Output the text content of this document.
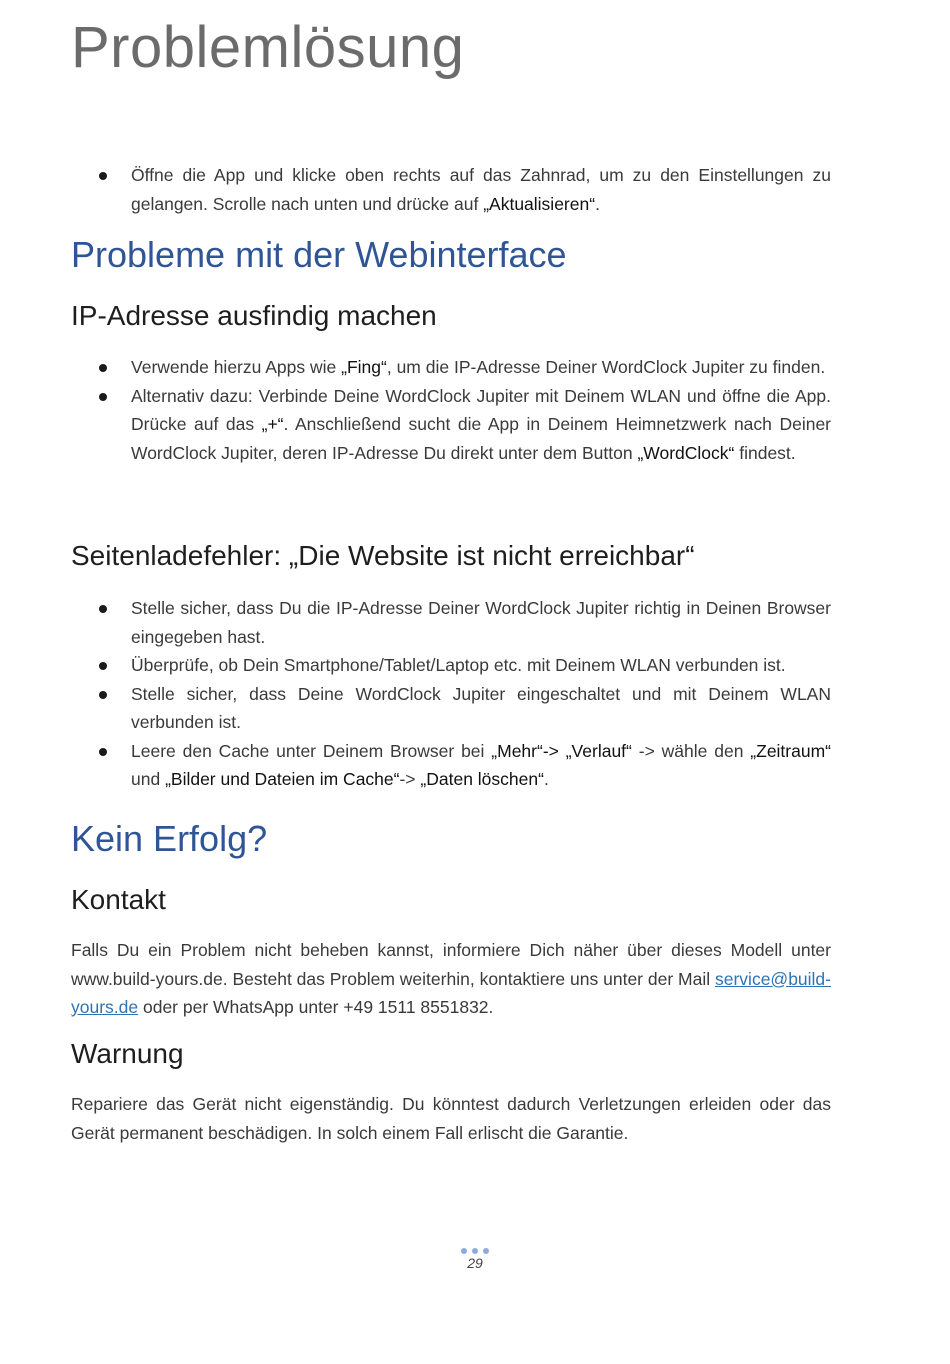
Problemlösung
Öffne die App und klicke oben rechts auf das Zahnrad, um zu den Einstellungen zu gelangen. Scrolle nach unten und drücke auf „Aktualisieren“.
Probleme mit der Webinterface
IP-Adresse ausfindig machen
Verwende hierzu Apps wie „Fing“, um die IP-Adresse Deiner WordClock Jupiter zu finden.
Alternativ dazu: Verbinde Deine WordClock Jupiter mit Deinem WLAN und öffne die App. Drücke auf das „+“. Anschließend sucht die App in Deinem Heimnetzwerk nach Deiner WordClock Jupiter, deren IP-Adresse Du direkt unter dem Button „WordClock“ findest.
Seitenladefehler: „Die Website ist nicht erreichbar“
Stelle sicher, dass Du die IP-Adresse Deiner WordClock Jupiter richtig in Deinen Browser eingegeben hast.
Überprüfe, ob Dein Smartphone/Tablet/Laptop etc. mit Deinem WLAN verbunden ist.
Stelle sicher, dass Deine WordClock Jupiter eingeschaltet und mit Deinem WLAN verbunden ist.
Leere den Cache unter Deinem Browser bei „Mehr“-> „Verlauf“ -> wähle den „Zeitraum“ und „Bilder und Dateien im Cache“-> „Daten löschen“.
Kein Erfolg?
Kontakt

Falls Du ein Problem nicht beheben kannst, informiere Dich näher über dieses Modell unter www.build-yours.de. Besteht das Problem weiterhin, kontaktiere uns unter der Mail service@build-yours.de oder per WhatsApp unter +49 1511 8551832.

Warnung

Repariere das Gerät nicht eigenständig. Du könntest dadurch Verletzungen erleiden oder das Gerät permanent beschädigen. In solch einem Fall erlischt die Garantie.

29
